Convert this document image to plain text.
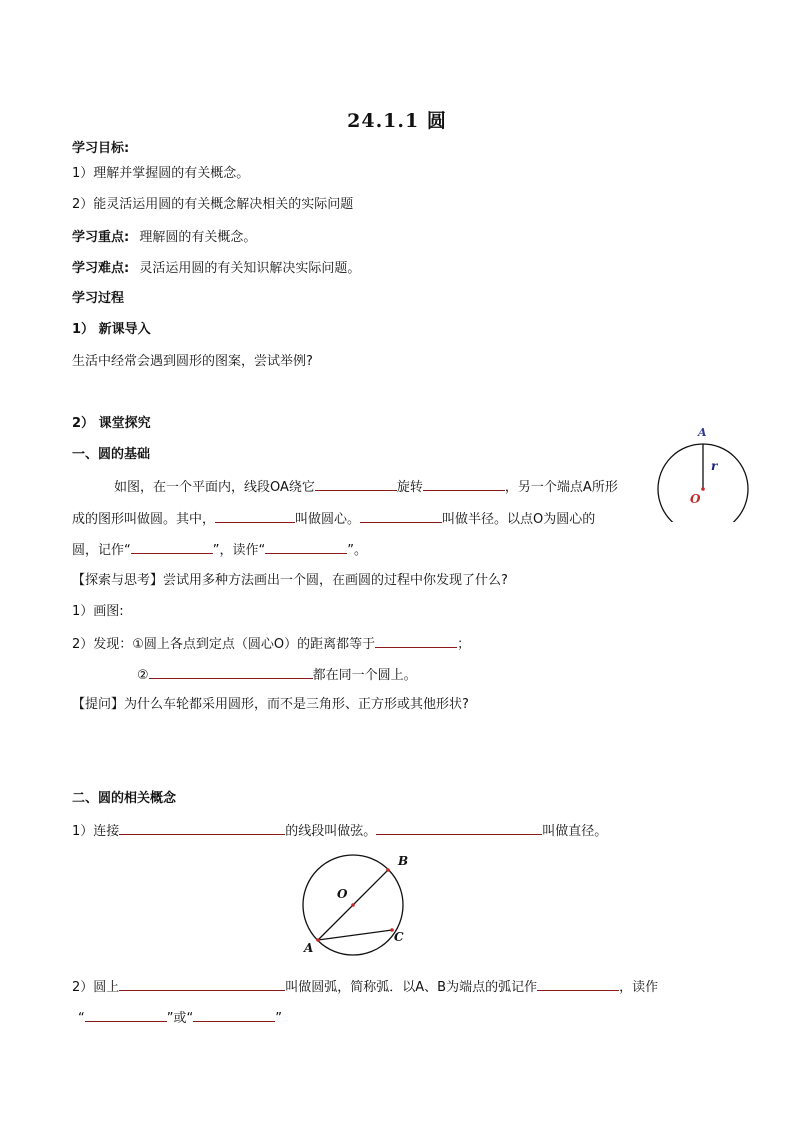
24.1.1 圆
学习目标:
1）理解并掌握圆的有关概念。
2）能灵活运用圆的有关概念解决相关的实际问题
学习重点: 理解圆的有关概念。
学习难点: 灵活运用圆的有关知识解决实际问题。
学习过程
1） 新课导入
生活中经常会遇到圆形的图案，尝试举例?
2） 课堂探究
一、圆的基础
如图，在一个平面内，线段OA绕它	旋转	，另一个端点A所形
成的图形叫做圆。其中，	叫做圆心。	叫做半径。以点O为圆心的
圆，记作“	”，读作“	”。
【探索与思考】尝试用多种方法画出一个圆，在画圆的过程中你发现了什么?
1）画图:
2）发现：①圆上各点到定点（圆心O）的距离都等于	；
②	都在同一个圆上。
【提问】为什么车轮都采用圆形，而不是三角形、正方形或其他形状?
A
r
O
二、圆的相关概念
1）连接	的线段叫做弦。	叫做直径。
B
O
A
C
2）圆上	叫做圆弧，简称弧．以A、B为端点的弧记作	，读作
“	”或“	”
